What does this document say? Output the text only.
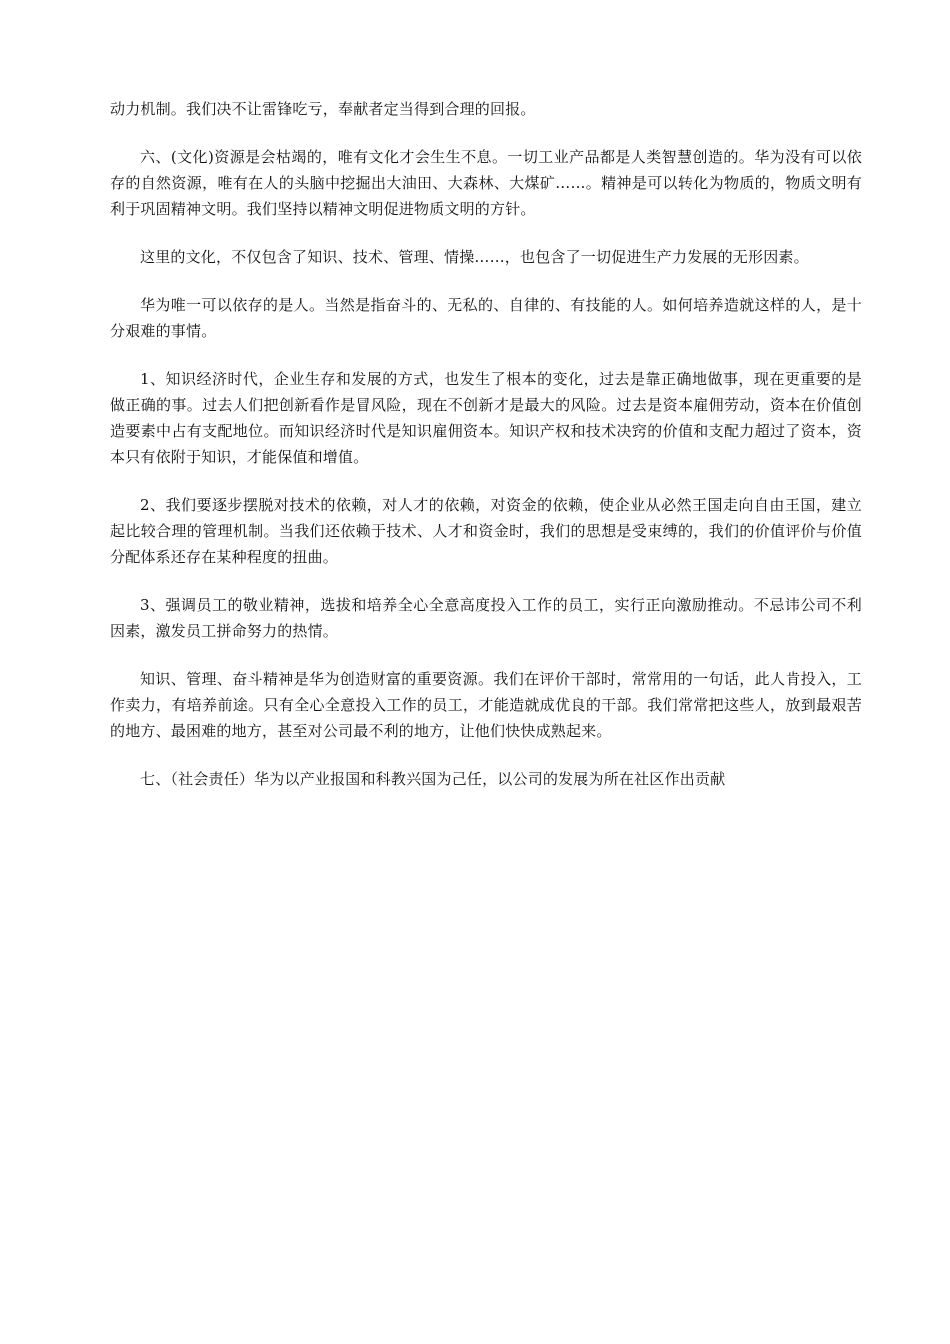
动力机制。我们决不让雷锋吃亏，奉献者定当得到合理的回报。

六、(文化)资源是会枯竭的，唯有文化才会生生不息。一切工业产品都是人类智慧创造的。华为没有可以依存的自然资源，唯有在人的头脑中挖掘出大油田、大森林、大煤矿……。精神是可以转化为物质的，物质文明有利于巩固精神文明。我们坚持以精神文明促进物质文明的方针。

这里的文化，不仅包含了知识、技术、管理、情操……，也包含了一切促进生产力发展的无形因素。

华为唯一可以依存的是人。当然是指奋斗的、无私的、自律的、有技能的人。如何培养造就这样的人，是十分艰难的事情。

1、知识经济时代，企业生存和发展的方式，也发生了根本的变化，过去是靠正确地做事，现在更重要的是做正确的事。过去人们把创新看作是冒风险，现在不创新才是最大的风险。过去是资本雇佣劳动，资本在价值创造要素中占有支配地位。而知识经济时代是知识雇佣资本。知识产权和技术决窍的价值和支配力超过了资本，资本只有依附于知识，才能保值和增值。

2、我们要逐步摆脱对技术的依赖，对人才的依赖，对资金的依赖，使企业从必然王国走向自由王国，建立起比较合理的管理机制。当我们还依赖于技术、人才和资金时，我们的思想是受束缚的，我们的价值评价与价值分配体系还存在某种程度的扭曲。

3、强调员工的敬业精神，选拔和培养全心全意高度投入工作的员工，实行正向激励推动。不忌讳公司不利因素，激发员工拼命努力的热情。

知识、管理、奋斗精神是华为创造财富的重要资源。我们在评价干部时，常常用的一句话，此人肯投入，工作卖力，有培养前途。只有全心全意投入工作的员工，才能造就成优良的干部。我们常常把这些人，放到最艰苦的地方、最困难的地方，甚至对公司最不利的地方，让他们快快成熟起来。

七、（社会责任）华为以产业报国和科教兴国为己任，以公司的发展为所在社区作出贡献
